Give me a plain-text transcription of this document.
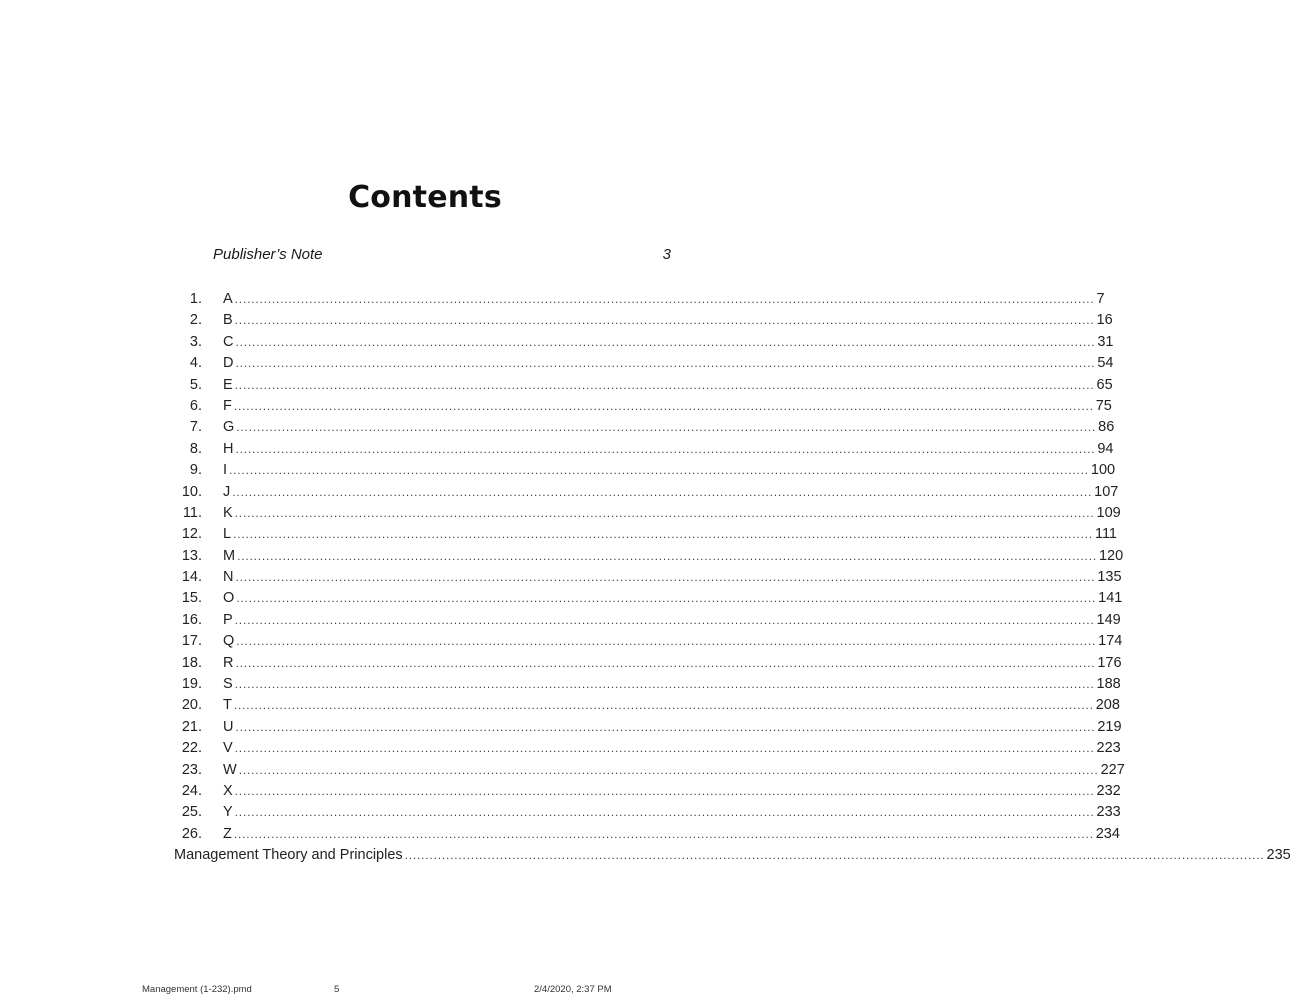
Contents
Publisher’s Note	3
1. A ................................................................................................................................................................................................................ 7
2. B ................................................................................................................................................................................................................ 16
3. C ................................................................................................................................................................................................................ 31
4. D ................................................................................................................................................................................................................ 54
5. E ................................................................................................................................................................................................................ 65
6. F ................................................................................................................................................................................................................ 75
7. G ................................................................................................................................................................................................................ 86
8. H ................................................................................................................................................................................................................ 94
9. I ................................................................................................................................................................................................................ 100
10. J ................................................................................................................................................................................................................ 107
11. K ................................................................................................................................................................................................................ 109
12. L ................................................................................................................................................................................................................ 111
13. M ................................................................................................................................................................................................................ 120
14. N ................................................................................................................................................................................................................ 135
15. O ................................................................................................................................................................................................................ 141
16. P ................................................................................................................................................................................................................ 149
17. Q ................................................................................................................................................................................................................ 174
18. R ................................................................................................................................................................................................................ 176
19. S ................................................................................................................................................................................................................ 188
20. T ................................................................................................................................................................................................................ 208
21. U ................................................................................................................................................................................................................ 219
22. V ................................................................................................................................................................................................................ 223
23. W ................................................................................................................................................................................................................ 227
24. X ................................................................................................................................................................................................................ 232
25. Y ................................................................................................................................................................................................................ 233
26. Z ................................................................................................................................................................................................................ 234
Management Theory and Principles ................................................................................................................................................................................................................ 235
Management (1-232).pmd	5	2/4/2020, 2:37 PM
